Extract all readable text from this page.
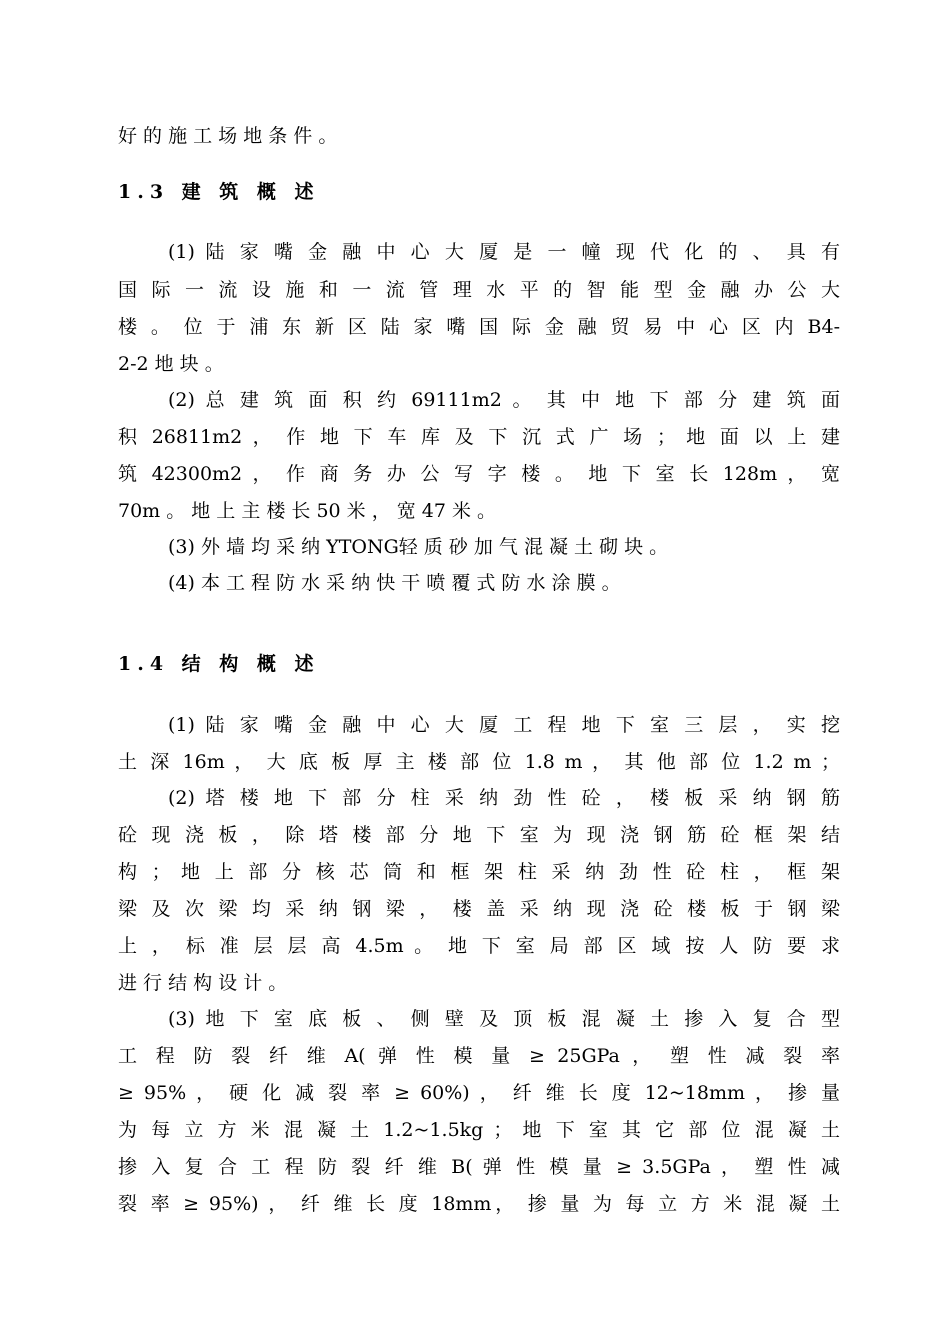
好 的 施 工 场 地 条 件 。
1.3 建 筑 概 述
(1) 陆 家 嘴 金 融 中 心 大 厦 是 一 幢 现 代 化 的 、 具 有
国 际 一 流 设 施 和 一 流 管 理 水 平 的 智 能 型 金 融 办 公 大
楼 。 位 于 浦 东 新 区 陆 家 嘴 国 际 金 融 贸 易 中 心 区 内 B4-
2-2 地 块 。
(2) 总 建 筑 面 积 约 69111m2 。 其 中 地 下 部 分 建 筑 面
积 26811m2 ， 作 地 下 车 库 及 下 沉 式 广 场 ； 地 面 以 上 建
筑 42300m2 ， 作 商 务 办 公 写 字 楼 。 地 下 室 长 128m ， 宽
70m 。 地 上 主 楼 长 50 米 ， 宽 47 米 。
(3) 外 墙 均 采 纳 YTONG轻 质 砂 加 气 混 凝 土 砌 块 。
(4) 本 工 程 防 水 采 纳 快 干 喷 覆 式 防 水 涂 膜 。
1.4 结 构 概 述
(1) 陆 家 嘴 金 融 中 心 大 厦 工 程 地 下 室 三 层 ， 实 挖
土 深 16m ， 大 底 板 厚 主 楼 部 位 1.8 m ， 其 他 部 位 1.2 m ；
(2) 塔 楼 地 下 部 分 柱 采 纳 劲 性 砼 ， 楼 板 采 纳 钢 筋
砼 现 浇 板 ， 除 塔 楼 部 分 地 下 室 为 现 浇 钢 筋 砼 框 架 结
构 ； 地 上 部 分 核 芯 筒 和 框 架 柱 采 纳 劲 性 砼 柱 ， 框 架
梁 及 次 梁 均 采 纳 钢 梁 ， 楼 盖 采 纳 现 浇 砼 楼 板 于 钢 梁
上 ， 标 准 层 层 高 4.5m 。 地 下 室 局 部 区 域 按 人 防 要 求
进 行 结 构 设 计 。
(3) 地 下 室 底 板 、 侧 壁 及 顶 板 混 凝 土 掺 入 复 合 型
工 程 防 裂 纤 维 A( 弹 性 模 量 ≥ 25GPa ， 塑 性 减 裂 率
≥ 95% ， 硬 化 减 裂 率 ≥ 60%) ， 纤 维 长 度 12~18mm ， 掺 量
为 每 立 方 米 混 凝 土 1.2~1.5kg ； 地 下 室 其 它 部 位 混 凝 土
掺 入 复 合 工 程 防 裂 纤 维 B( 弹 性 模 量 ≥ 3.5GPa ， 塑 性 减
裂 率 ≥ 95%) ， 纤 维 长 度 18mm， 掺 量 为 每 立 方 米 混 凝 土
